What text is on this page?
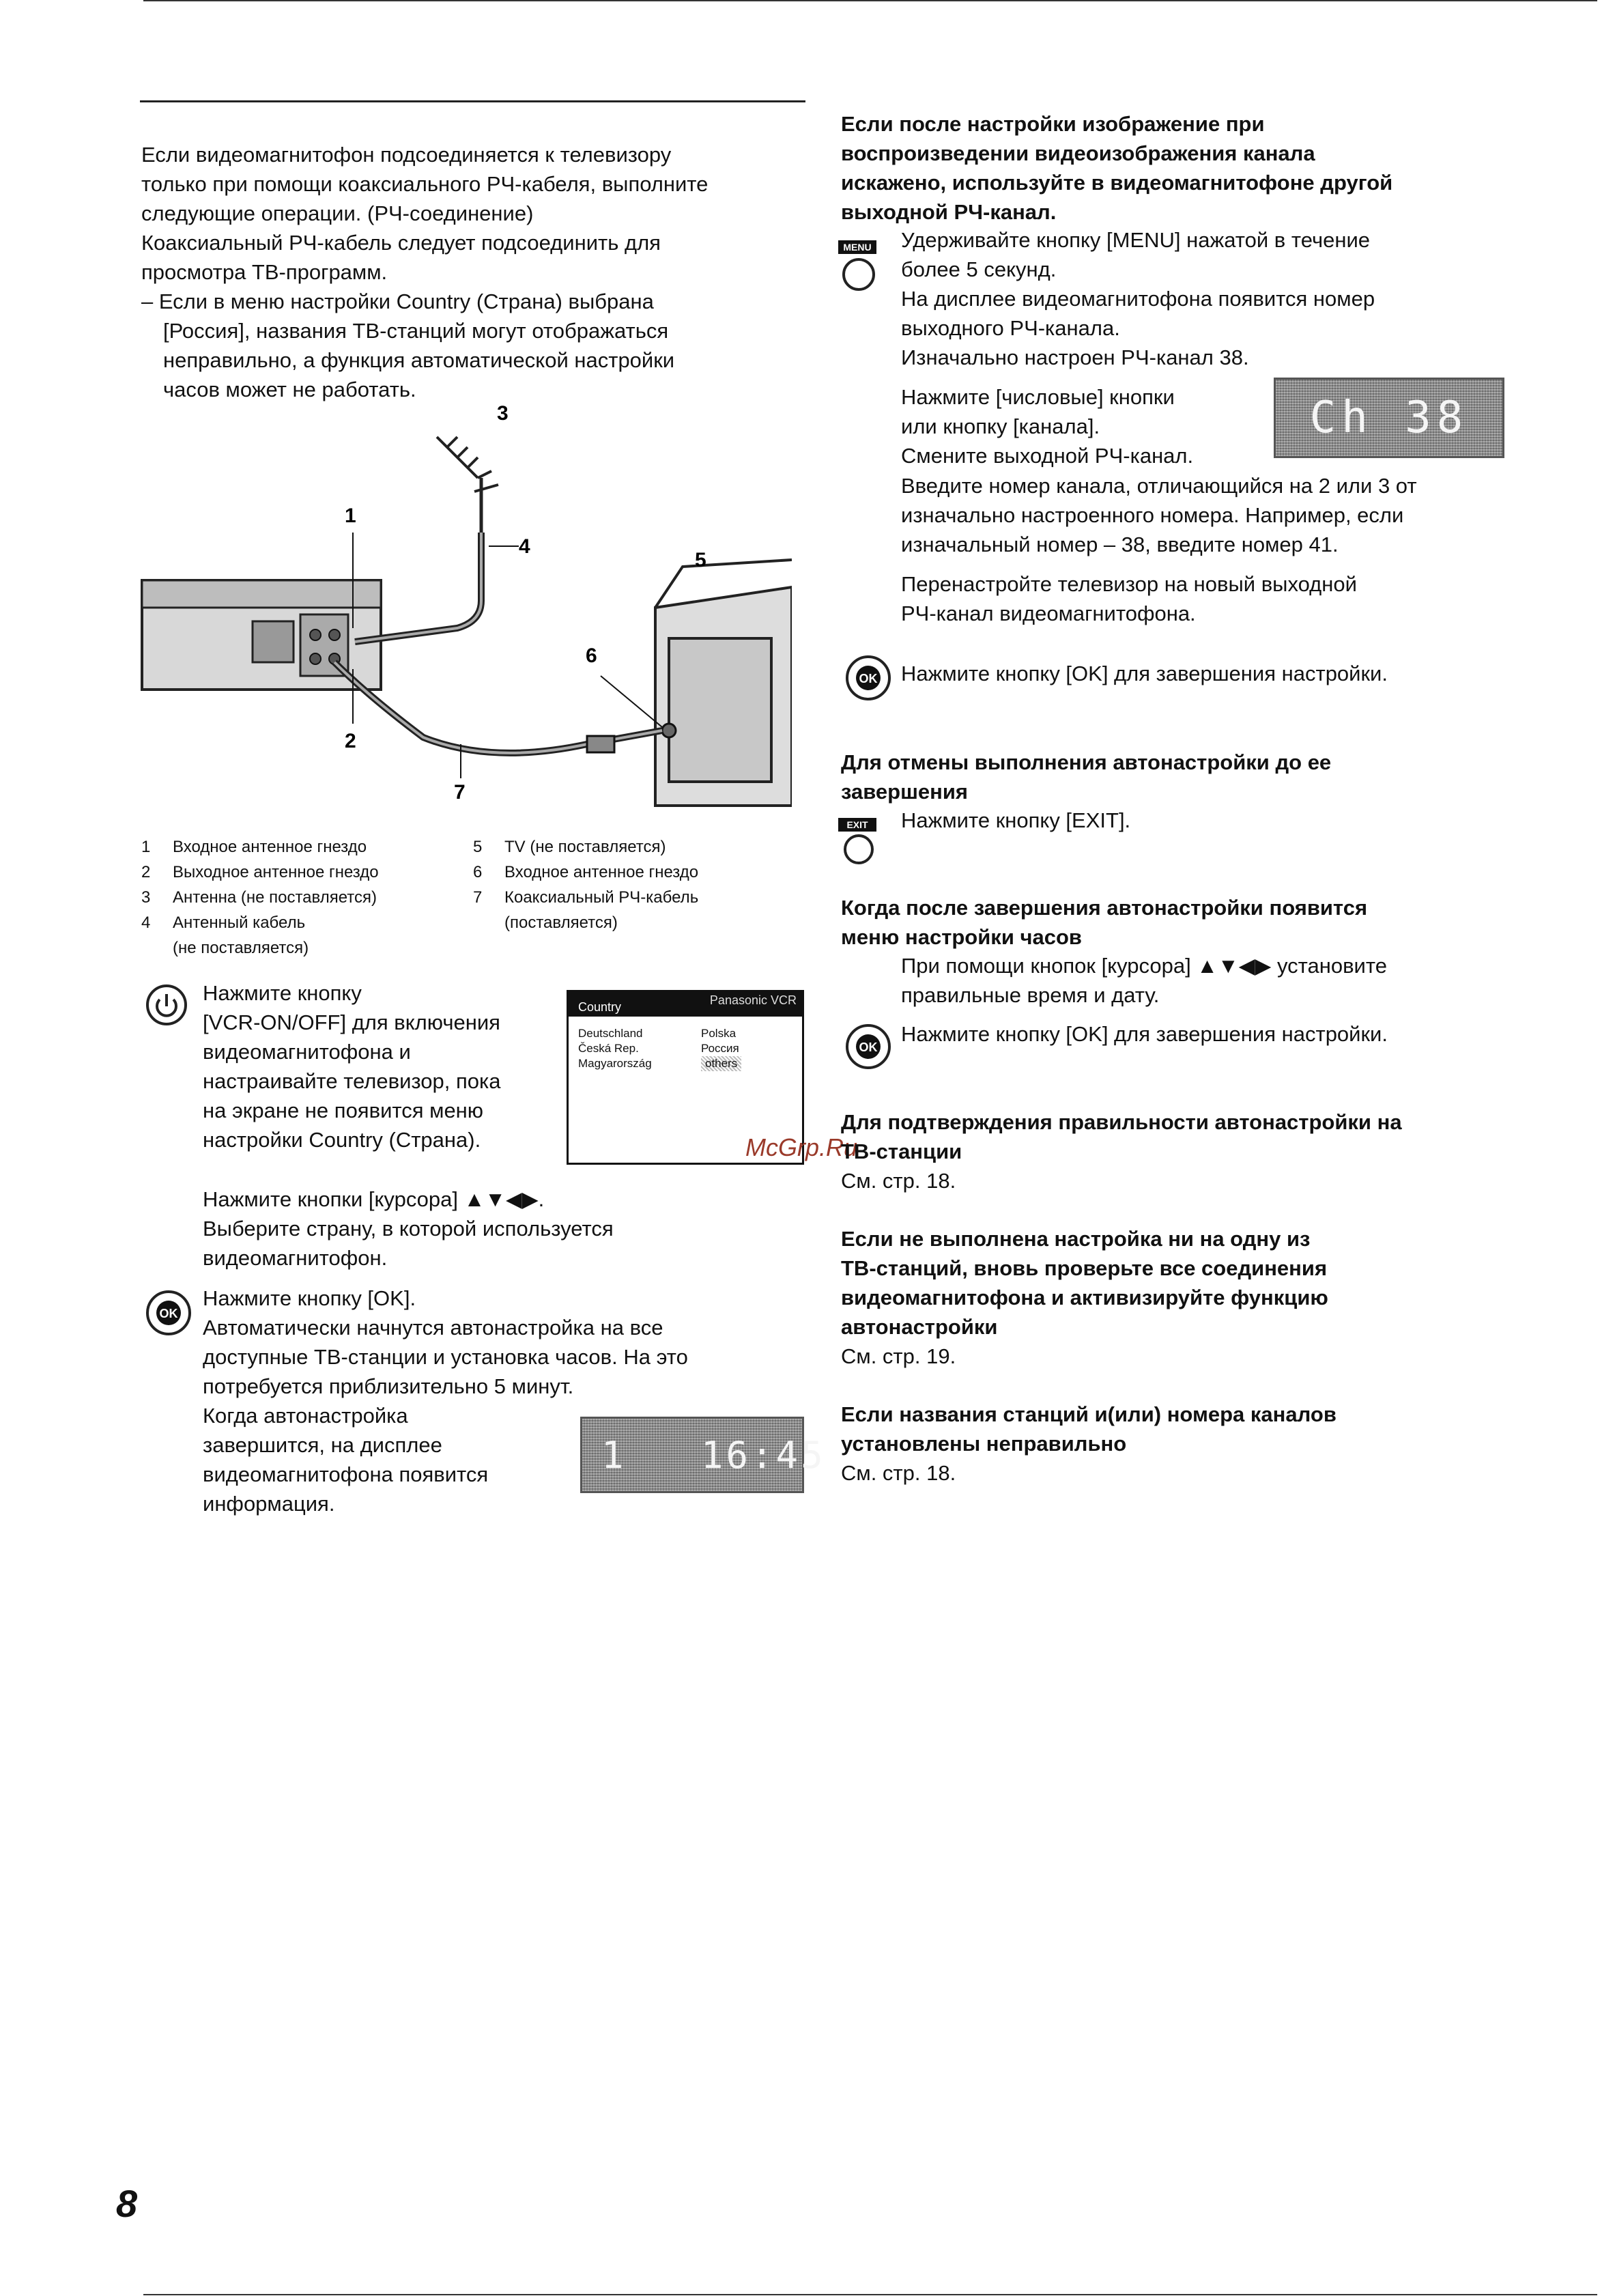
Если видеомагнитофон подсоединяется к телевизору
только при помощи коаксиального РЧ-кабеля, выполните
следующие операции. (РЧ-соединение)
Коаксиальный РЧ-кабель следует подсоединить для
просмотра ТВ-программ.
– Если в меню настройки Country (Страна) выбрана
[Россия], названия ТВ-станций могут отображаться
неправильно, а функция автоматической настройки
часов может не работать.
1
2
3
4
5
6
7
1 Входное антенное гнездо
2 Выходное антенное гнездо
3 Антенна (не поставляется)
4 Антенный кабель
(не поставляется)
5 TV (не поставляется)
6 Входное антенное гнездо
7 Коаксиальный РЧ-кабель
(поставляется)
Нажмите кнопку
[VCR-ON/OFF] для включения
видеомагнитофона и
настраивайте телевизор, пока
на экране не появится меню
настройки Country (Страна).
Country	Panasonic VCR
Deutschland
Česká Rep.
Magyarország
Polska
Россия
others
McGrp.Ru
Нажмите кнопки [курсора] ▲▼◀▶.
Выберите страну, в которой используется
видеомагнитофон.
OK
Нажмите кнопку [OK].
Автоматически начнутся автонастройка на все
доступные ТВ-станции и установка часов. На это
потребуется приблизительно 5 минут.
Когда автонастройка
завершится, на дисплее
видеомагнитофона появится
информация.
1   16:45
8
Если после настройки изображение при
воспроизведении видеоизображения канала
искажено, используйте в видеомагнитофоне другой
выходной РЧ-канал.
MENU Удерживайте кнопку [MENU] нажатой в течение
более 5 секунд.
На дисплее видеомагнитофона появится номер
выходного РЧ-канала.
Изначально настроен РЧ-канал 38.
Нажмите [числовые] кнопки
или кнопку [канала].
Смените выходной РЧ-канал.
Ch 38
Введите номер канала, отличающийся на 2 или 3 от
изначально настроенного номера. Например, если
изначальный номер – 38, введите номер 41.
Перенастройте телевизор на новый выходной
РЧ-канал видеомагнитофона.
OK Нажмите кнопку [OK] для завершения настройки.
Для отмены выполнения автонастройки до ее
завершения
EXIT	Нажмите кнопку [EXIT].
Когда после завершения автонастройки появится
меню настройки часов
При помощи кнопок [курсора] ▲▼◀▶ установите
правильные время и дату.
OK
Нажмите кнопку [OK] для завершения настройки.
Для подтверждения правильности автонастройки на
ТВ-станции
См. стр. 18.
Если не выполнена настройка ни на одну из
ТВ-станций, вновь проверьте все соединения
видеомагнитофона и активизируйте функцию
автонастройки
См. стр. 19.
Если названия станций и(или) номера каналов
установлены неправильно
См. стр. 18.
